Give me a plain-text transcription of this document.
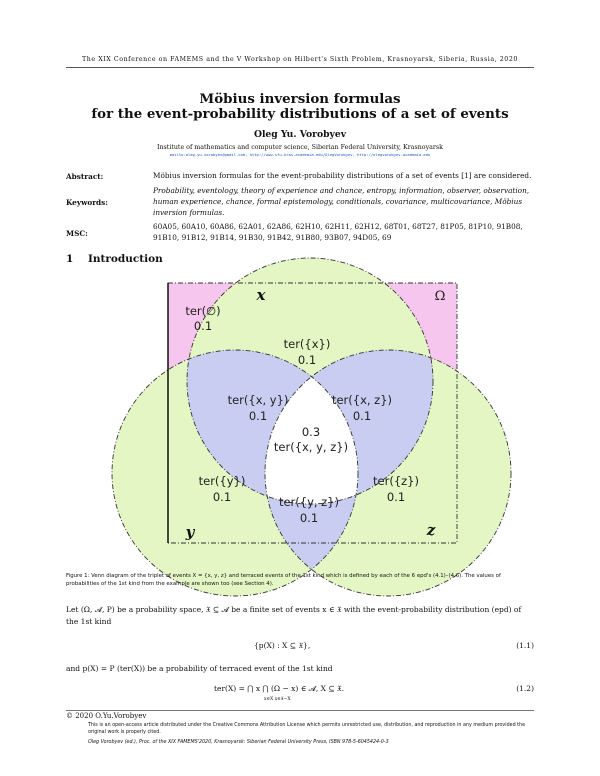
The XIX Conference on FAMEMS and the V Workshop on Hilbert's Sixth Problem, Krasnoyarsk, Siberia, Russia, 2020
Möbius inversion formulas
for the event-probability distributions of a set of events
Oleg Yu. Vorobyev
Institute of mathematics and computer science, Siberian Federal University, Krasnoyarsk
mailto:oleg.yu.vorobyev@gmail.com, http://www.sfu-kras.academia.edu/OlegVorobyev, http://olegvorobyev.academia.edu
Abstract:	Möbius inversion formulas for the event-probability distributions of a set of events [1] are considered.
Keywords:
Probability, eventology, theory of experience and chance, entropy, information, observer, observation, human experience, chance, formal epistemology, conditionals, covariance, multicovariance, Möbius inversion formulas.
MSC:
60A05, 60A10, 60A86, 62A01, 62A86, 62H10, 62H11, 62H12, 68T01, 68T27, 81P05, 81P10, 91B08, 91B10, 91B12, 91B14, 91B30, 91B42, 91B80, 93B07, 94D05, 69
1 Introduction
Ω
x
y	z
ter(∅)
0.1
ter({x})
0.1
ter({x, y})
0.1
ter({x, z})
0.1
0.3
ter({x, y, z})
ter({y})
0.1
ter({z})
0.1
ter({y, z})
0.1
Figure 1: Venn diagram of the triplet of events X = {x, y, z} and terraced events of the 1st kind which is defined by each of the 6 epd's (4.1)–(4.6). The values of probabilities of the 1st kind from the example are shown too (see Section 4).
Let (Ω, 𝓐, P) be a probability space, 𝔛 ⊆ 𝓐 be a finite set of events x ∈ 𝔛 with the event-probability distribution (epd) of the 1st kind
{p(X) : X ⊆ 𝔛},	(1.1)
and p(X) = P (ter(X)) be a probability of terraced event of the 1st kind
ter(X) = ⋂ x ⋂ (Ω − x) ∈ 𝓐, X ⊆ 𝔛.
x∈X x∈𝔛−X
(1.2)
© 2020 O.Yu.Vorobyev
This is an open-access article distributed under the Creative Commons Attribution License which permits unrestricted use, distribution, and reproduction in any medium provided the original work is properly cited.
Oleg Vorobyev (ed.), Proc. of the XIX FAMEMS'2020, Krasnoyarsk: Siberian Federal University Press, ISBN 978-5-6045424-0-3
